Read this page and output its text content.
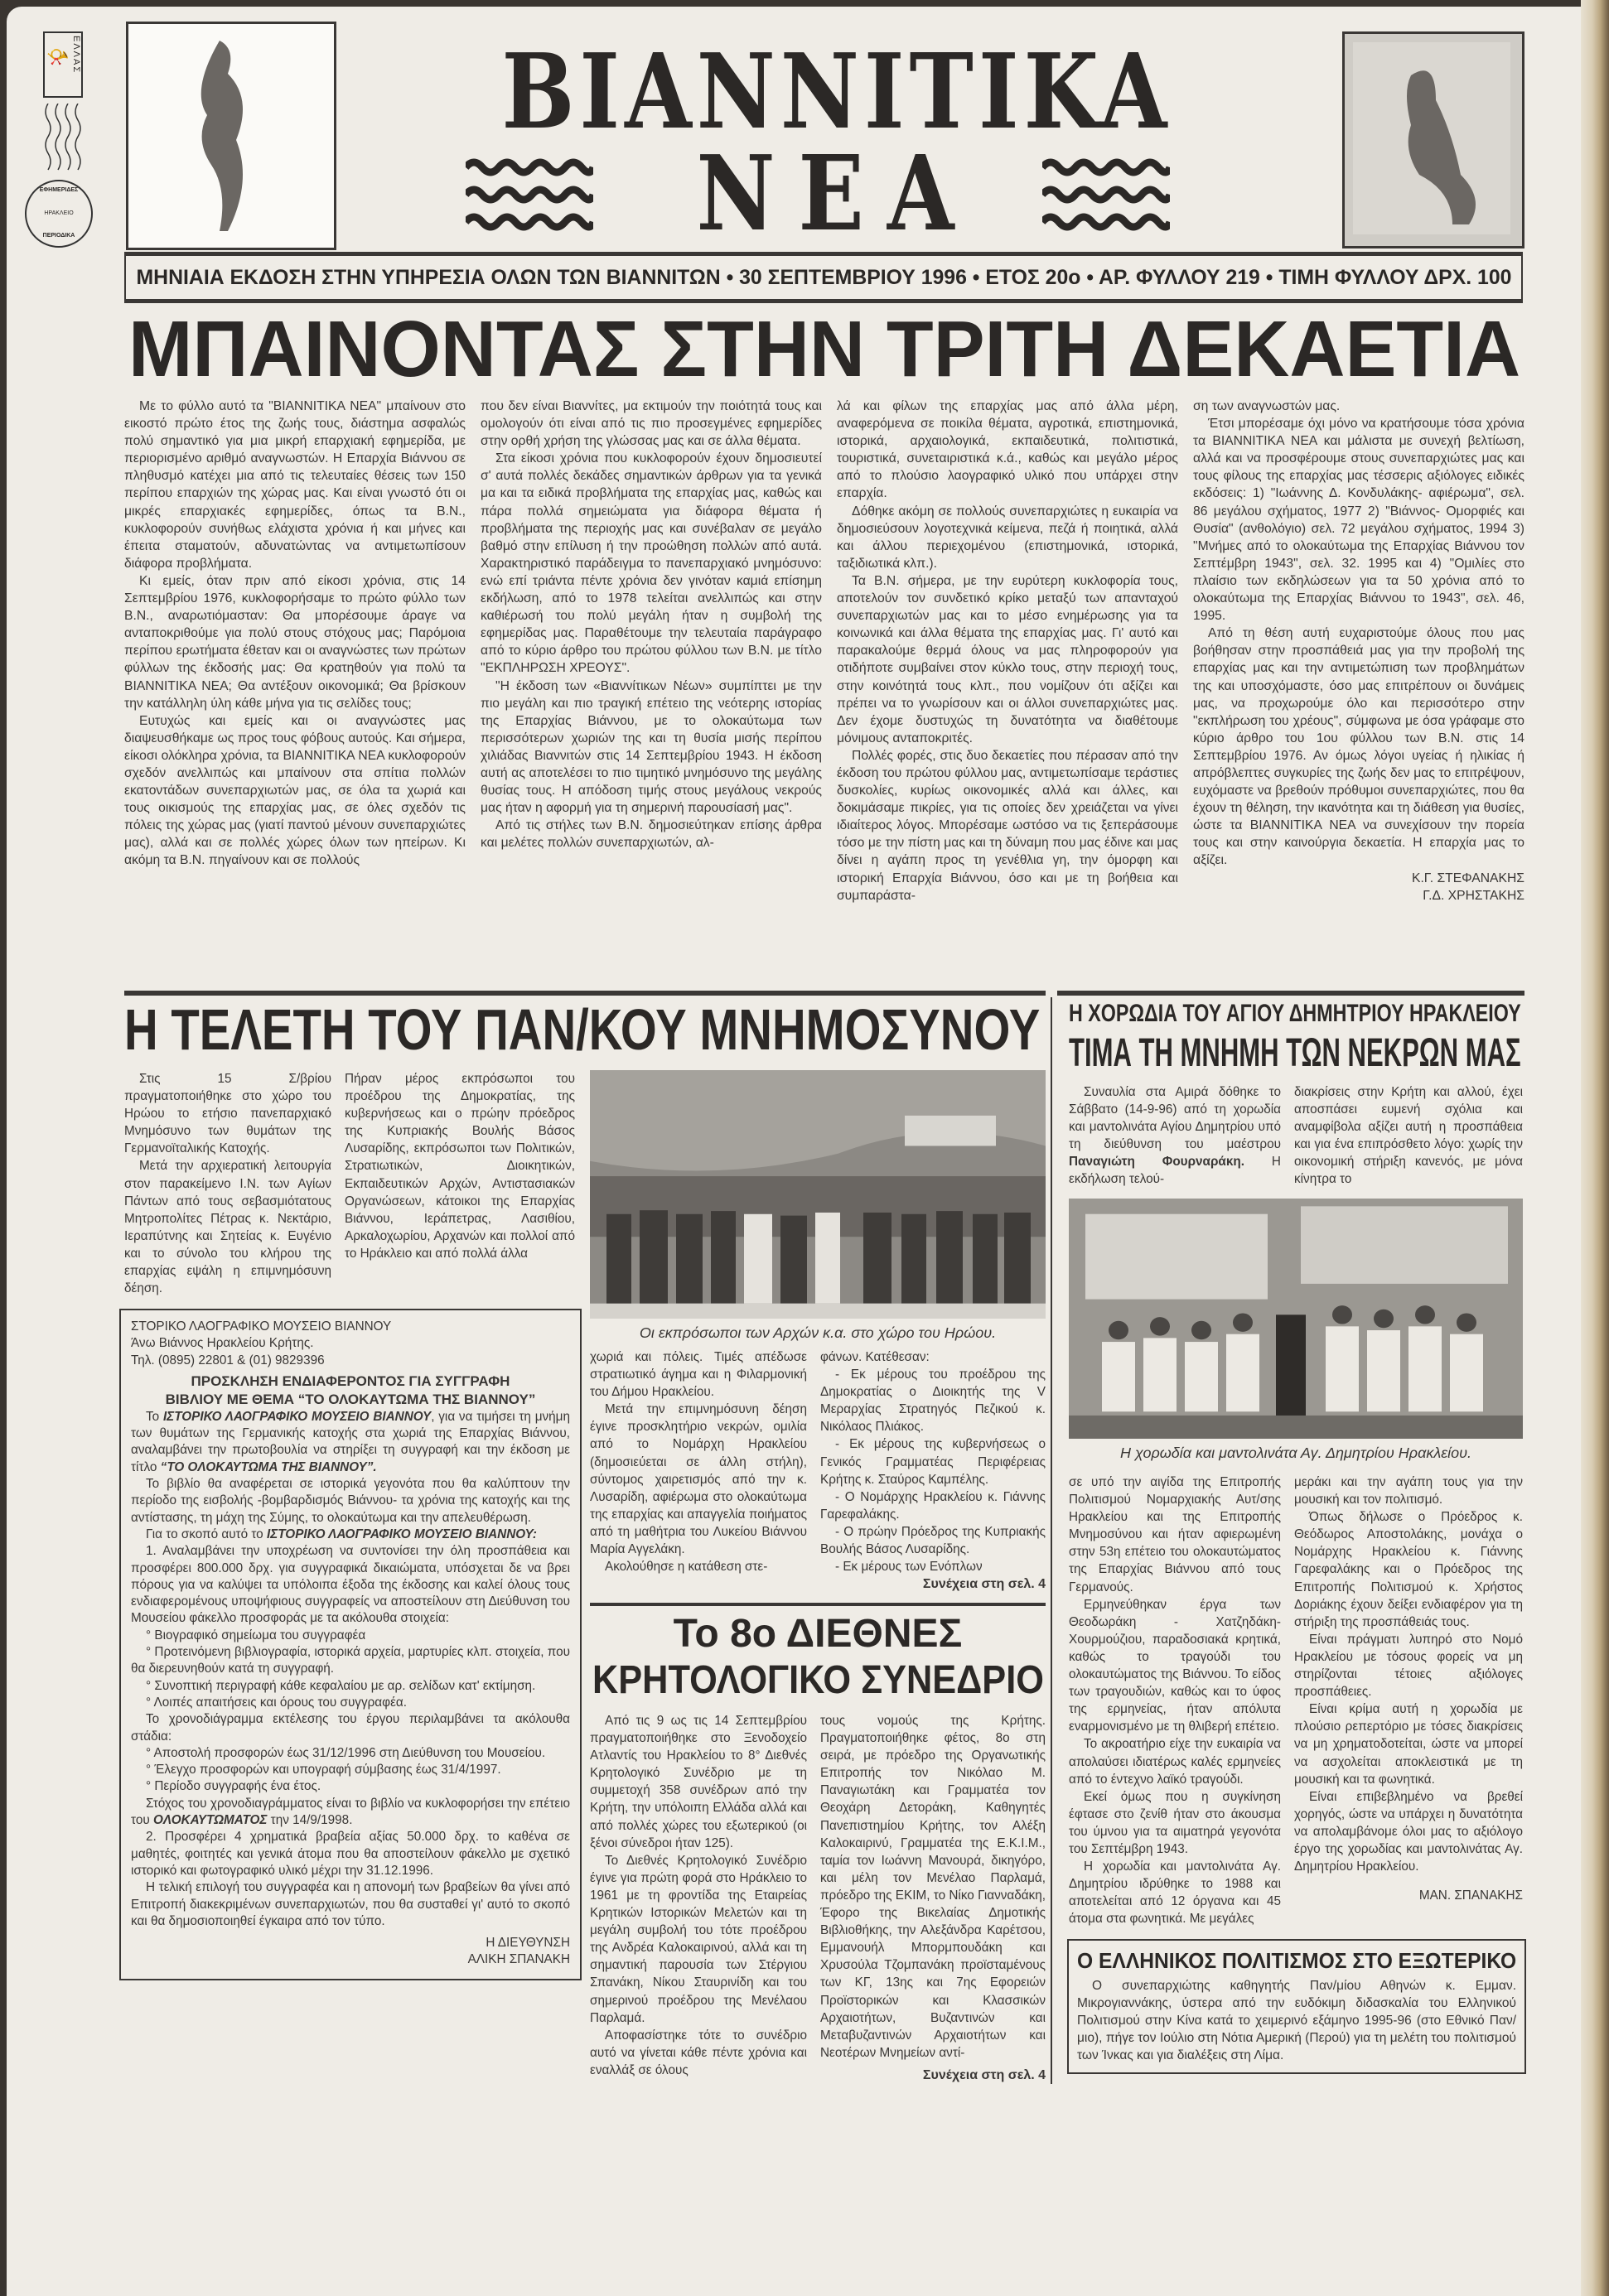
📯 ΕΛΛΑΣ
ΕΦΗΜΕΡΙΔΕΣ
ΗΡΑΚΛΕΙΟ
ΠΕΡΙΟΔΙΚΑ
BIANNITIKA
NEA
ΜΗΝΙΑΙΑ ΕΚΔΟΣΗ ΣΤΗΝ ΥΠΗΡΕΣΙΑ ΟΛΩΝ ΤΩΝ ΒΙΑΝΝΙΤΩΝ • 30 ΣΕΠΤΕΜΒΡΙΟΥ 1996 • ΕΤΟΣ 20ο • ΑΡ. ΦΥΛΛΟΥ 219 • ΤΙΜΗ ΦΥΛΛΟΥ ΔΡΧ. 100
ΜΠΑΙΝΟΝΤΑΣ ΣΤΗΝ ΤΡΙΤΗ ΔΕΚΑΕΤΙΑ

Με το φύλλο αυτό τα "ΒΙΑΝΝΙΤΙΚΑ ΝΕΑ" μπαίνουν στο εικοστό πρώτο έτος της ζωής τους, διάστημα ασφαλώς πολύ σημαντικό για μια μικρή επαρχιακή εφημερίδα, με περιορισμένο αριθμό αναγνωστών. Η Επαρχία Βιάννου σε πληθυσμό κατέχει μια από τις τελευταίες θέσεις των 150 περίπου επαρχιών της χώρας μας. Και είναι γνωστό ότι οι μικρές επαρχιακές εφημερίδες, όπως τα Β.Ν., κυκλοφορούν συνήθως ελάχιστα χρόνια ή και μήνες και έπειτα σταματούν, αδυνατώντας να αντιμετωπίσουν διάφορα προβλήματα.

Κι εμείς, όταν πριν από είκοσι χρόνια, στις 14 Σεπτεμβρίου 1976, κυκλοφορήσαμε το πρώτο φύλλο των Β.Ν., αναρωτιόμασταν: Θα μπορέσουμε άραγε να ανταποκριθούμε για πολύ στους στόχους μας; Παρόμοια περίπου ερωτήματα έθεταν και οι αναγνώστες των πρώτων φύλλων της έκδοσής μας: Θα κρατηθούν για πολύ τα ΒΙΑΝΝΙΤΙΚΑ ΝΕΑ; Θα αντέξουν οικονομικά; Θα βρίσκουν την κατάλληλη ύλη κάθε μήνα για τις σελίδες τους;

Ευτυχώς και εμείς και οι αναγνώστες μας διαψευσθήκαμε ως προς τους φόβους αυτούς. Και σήμερα, είκοσι ολόκληρα χρόνια, τα ΒΙΑΝΝΙΤΙΚΑ ΝΕΑ κυκλοφορούν σχεδόν ανελλιπώς και μπαίνουν στα σπίτια πολλών εκατοντάδων συνεπαρχιωτών μας, σε όλα τα χωριά και τους οικισμούς της επαρχίας μας, σε όλες σχεδόν τις πόλεις της χώρας μας (γιατί παντού μένουν συνεπαρχιώτες μας), αλλά και σε πολλές χώρες όλων των ηπείρων. Κι ακόμη τα Β.Ν. πηγαίνουν και σε πολλούς

που δεν είναι Βιαννίτες, μα εκτιμούν την ποιότητά τους και ομολογούν ότι είναι από τις πιο προσεγμένες εφημερίδες στην ορθή χρήση της γλώσσας μας και σε άλλα θέματα.

Στα είκοσι χρόνια που κυκλοφορούν έχουν δημοσιευτεί σ' αυτά πολλές δεκάδες σημαντικών άρθρων για τα γενικά μα και τα ειδικά προβλήματα της επαρχίας μας, καθώς και πάρα πολλά σημειώματα για διάφορα θέματα ή προβλήματα της περιοχής μας και συνέβαλαν σε μεγάλο βαθμό στην επίλυση ή την προώθηση πολλών από αυτά. Χαρακτηριστικό παράδειγμα το πανεπαρχιακό μνημόσυνο: ενώ επί τριάντα πέντε χρόνια δεν γινόταν καμιά επίσημη εκδήλωση, από το 1978 τελείται ανελλιπώς και στην καθιέρωσή του πολύ μεγάλη ήταν η συμβολή της εφημερίδας μας. Παραθέτουμε την τελευταία παράγραφο από το κύριο άρθρο του πρώτου φύλλου των Β.Ν. με τίτλο "ΕΚΠΛΗΡΩΣΗ ΧΡΕΟΥΣ".

"Η έκδοση των «Βιαννίτικων Νέων» συμπίπτει με την πιο μεγάλη και πιο τραγική επέτειο της νεότερης ιστορίας της Επαρχίας Βιάννου, με το ολοκαύτωμα των περισσότερων χωριών της και τη θυσία μισής περίπου χιλιάδας Βιαννιτών στις 14 Σεπτεμβρίου 1943. Η έκδοση αυτή ας αποτελέσει το πιο τιμητικό μνημόσυνο της μεγάλης θυσίας τους. Η απόδοση τιμής στους μεγάλους νεκρούς μας ήταν η αφορμή για τη σημερινή παρουσίασή μας".

Από τις στήλες των Β.Ν. δημοσιεύτηκαν επίσης άρθρα και μελέτες πολλών συνεπαρχιωτών, αλ-

λά και φίλων της επαρχίας μας από άλλα μέρη, αναφερόμενα σε ποικίλα θέματα, αγροτικά, επιστημονικά, ιστορικά, αρχαιολογικά, εκπαιδευτικά, πολιτιστικά, τουριστικά, συνεταιριστικά κ.ά., καθώς και μεγάλο μέρος από το πλούσιο λαογραφικό υλικό που υπάρχει στην επαρχία.

Δόθηκε ακόμη σε πολλούς συνεπαρχιώτες η ευκαιρία να δημοσιεύσουν λογοτεχνικά κείμενα, πεζά ή ποιητικά, αλλά και άλλου περιεχομένου (επιστημονικά, ιστορικά, ταξιδιωτικά κλπ.).

Τα Β.Ν. σήμερα, με την ευρύτερη κυκλοφορία τους, αποτελούν τον συνδετικό κρίκο μεταξύ των απανταχού συνεπαρχιωτών μας και το μέσο ενημέρωσης για τα κοινωνικά και άλλα θέματα της επαρχίας μας. Γι' αυτό και παρακαλούμε θερμά όλους να μας πληροφορούν για οτιδήποτε συμβαίνει στον κύκλο τους, στην περιοχή τους, στην κοινότητά τους κλπ., που νομίζουν ότι αξίζει και πρέπει να το γνωρίσουν και οι άλλοι συνεπαρχιώτες μας. Δεν έχομε δυστυχώς τη δυνατότητα να διαθέτουμε μόνιμους ανταποκριτές.

Πολλές φορές, στις δυο δεκαετίες που πέρασαν από την έκδοση του πρώτου φύλλου μας, αντιμετωπίσαμε τεράστιες δυσκολίες, κυρίως οικονομικές αλλά και άλλες, και δοκιμάσαμε πικρίες, για τις οποίες δεν χρειάζεται να γίνει ιδιαίτερος λόγος. Μπορέσαμε ωστόσο να τις ξεπεράσουμε τόσο με την πίστη μας και τη δύναμη που μας έδινε και μας δίνει η αγάπη προς τη γενέθλια γη, την όμορφη και ιστορική Επαρχία Βιάννου, όσο και με τη βοήθεια και συμπαράστα-

ση των αναγνωστών μας.

Έτσι μπορέσαμε όχι μόνο να κρατήσουμε τόσα χρόνια τα ΒΙΑΝΝΙΤΙΚΑ ΝΕΑ και μάλιστα με συνεχή βελτίωση, αλλά και να προσφέρουμε στους συνεπαρχιώτες μας και τους φίλους της επαρχίας μας τέσσερις αξιόλογες ειδικές εκδόσεις: 1) "Ιωάννης Δ. Κονδυλάκης- αφιέρωμα", σελ. 86 μεγάλου σχήματος, 1977 2) "Βιάννος- Ομορφιές και Θυσία" (ανθολόγιο) σελ. 72 μεγάλου σχήματος, 1994 3) "Μνήμες από το ολοκαύτωμα της Επαρχίας Βιάννου τον Σεπτέμβρη 1943", σελ. 32. 1995 και 4) "Ομιλίες στο πλαίσιο των εκδηλώσεων για τα 50 χρόνια από το ολοκαύτωμα της Επαρχίας Βιάννου το 1943", σελ. 46, 1995.

Από τη θέση αυτή ευχαριστούμε όλους που μας βοήθησαν στην προσπάθειά μας για την προβολή της επαρχίας μας και την αντιμετώπιση των προβλημάτων της και υποσχόμαστε, όσο μας επιτρέπουν οι δυνάμεις μας, να προχωρούμε όλο και περισσότερο στην "εκπλήρωση του χρέους", σύμφωνα με όσα γράφαμε στο κύριο άρθρο του 1ου φύλλου των Β.Ν. στις 14 Σεπτεμβρίου 1976. Αν όμως λόγοι υγείας ή ηλικίας ή απρόβλεπτες συγκυρίες της ζωής δεν μας το επιτρέψουν, ευχόμαστε να βρεθούν πρόθυμοι συνεπαρχιώτες, που θα έχουν τη θέληση, την ικανότητα και τη διάθεση για θυσίες, ώστε τα ΒΙΑΝΝΙΤΙΚΑ ΝΕΑ να συνεχίσουν την πορεία τους και στην καινούργια δεκαετία. Η επαρχία μας το αξίζει.

Κ.Γ. ΣΤΕΦΑΝΑΚΗΣ

Γ.Δ. ΧΡΗΣΤΑΚΗΣ

Η ΤΕΛΕΤΗ ΤΟΥ ΠΑΝ/ΚΟΥ ΜΝΗΜΟΣΥΝΟΥ

Στις 15 Σ/βρίου πραγματοποιήθηκε στο χώρο του Ηρώου το ετήσιο πανεπαρχιακό Μνημόσυνο των θυμάτων της Γερμανοϊταλικής Κατοχής.

Μετά την αρχιερατική λειτουργία στον παρακείμενο Ι.Ν. των Αγίων Πάντων από τους σεβασμιότατους Μητροπολίτες Πέτρας κ. Νεκτάριο, Ιεραπύτνης και Σητείας κ. Ευγένιο και το σύνολο του κλήρου της επαρχίας εψάλη η επιμνημόσυνη δέηση.

Πήραν μέρος εκπρόσωποι του προέδρου της Δημοκρατίας, της κυβερνήσεως και ο πρώην πρόεδρος της Κυπριακής Βουλής Βάσος Λυσαρίδης, εκπρόσωποι των Πολιτικών, Στρατιωτικών, Διοικητικών, Εκπαιδευτικών Αρχών, Αντιστασιακών Οργανώσεων, κάτοικοι της Επαρχίας Βιάννου, Ιεράπετρας, Λασιθίου, Αρκαλοχωρίου, Αρχανών και πολλοί από το Ηράκλειο και από πολλά άλλα

Οι εκπρόσωποι των Αρχών κ.α. στο χώρο του Ηρώου.

χωριά και πόλεις. Τιμές απέδωσε στρατιωτικό άγημα και η Φιλαρμονική του Δήμου Ηρακλείου.

Μετά την επιμνημόσυνη δέηση έγινε προσκλητήριο νεκρών, ομιλία από το Νομάρχη Ηρακλείου (δημοσιεύεται σε άλλη στήλη), σύντομος χαιρετισμός από την κ. Λυσαρίδη, αφιέρωμα στο ολοκαύτωμα της επαρχίας και απαγγελία ποιήματος από τη μαθήτρια του Λυκείου Βιάννου Μαρία Αγγελάκη.

Ακολούθησε η κατάθεση στε-

φάνων. Κατέθεσαν:

- Εκ μέρους του προέδρου της Δημοκρατίας ο Διοικητής της V Μεραρχίας Στρατηγός Πεζικού κ. Νικόλαος Πλιάκος.

- Εκ μέρους της κυβερνήσεως ο Γενικός Γραμματέας Περιφέρειας Κρήτης κ. Σταύρος Καμπέλης.

- Ο Νομάρχης Ηρακλείου κ. Γιάννης Γαρεφαλάκης.

- Ο πρώην Πρόεδρος της Κυπριακής Βουλής Βάσος Λυσαρίδης.

- Εκ μέρους των Ενόπλων

Συνέχεια στη σελ. 4
ΣΤΟΡΙΚΟ ΛΑΟΓΡΑΦΙΚΟ ΜΟΥΣΕΙΟ ΒΙΑΝΝΟΥ
Άνω Βιάννος Ηρακλείου Κρήτης.
Τηλ. (0895) 22801 & (01) 9829396
ΠΡΟΣΚΛΗΣΗ ΕΝΔΙΑΦΕΡΟΝΤΟΣ ΓΙΑ ΣΥΓΓΡΑΦΗ
ΒΙΒΛΙΟΥ ΜΕ ΘΕΜΑ “ΤΟ ΟΛΟΚΑΥΤΩΜΑ ΤΗΣ ΒΙΑΝΝΟΥ”

Το ΙΣΤΟΡΙΚΟ ΛΑΟΓΡΑΦΙΚΟ ΜΟΥΣΕΙΟ ΒΙΑΝΝΟΥ, για να τιμήσει τη μνήμη των θυμάτων της Γερμανικής κατοχής στα χωριά της Επαρχίας Βιάννου, αναλαμβάνει την πρωτοβουλία να στηρίξει τη συγγραφή και την έκδοση με τίτλο “ΤΟ ΟΛΟΚΑΥΤΩΜΑ ΤΗΣ ΒΙΑΝΝΟΥ”.

Το βιβλίο θα αναφέρεται σε ιστορικά γεγονότα που θα καλύπτουν την περίοδο της εισβολής -βομβαρδισμός Βιάννου- τα χρόνια της κατοχής και της αντίστασης, τη μάχη της Σύμης, το ολοκαύτωμα και την απελευθέρωση.

Για το σκοπό αυτό το ΙΣΤΟΡΙΚΟ ΛΑΟΓΡΑΦΙΚΟ ΜΟΥΣΕΙΟ ΒΙΑΝΝΟΥ:

1. Αναλαμβάνει την υποχρέωση να συντονίσει την όλη προσπάθεια και προσφέρει 800.000 δρχ. για συγγραφικά δικαιώματα, υπόσχεται δε να βρει πόρους για να καλύψει τα υπόλοιπα έξοδα της έκδοσης και καλεί όλους τους ενδιαφερομένους υποψήφιους συγγραφείς να αποστείλουν στη Διεύθυνση του Μουσείου φάκελλο προσφοράς με τα ακόλουθα στοιχεία:

° Βιογραφικό σημείωμα του συγγραφέα

° Προτεινόμενη βιβλιογραφία, ιστορικά αρχεία, μαρτυρίες κλπ. στοιχεία, που θα διερευνηθούν κατά τη συγγραφή.

° Συνοπτική περιγραφή κάθε κεφαλαίου με αρ. σελίδων κατ' εκτίμηση.

° Λοιπές απαιτήσεις και όρους του συγγραφέα.

Το χρονοδιάγραμμα εκτέλεσης του έργου περιλαμβάνει τα ακόλουθα στάδια:

° Αποστολή προσφορών έως 31/12/1996 στη Διεύθυνση του Μουσείου.

° Έλεγχο προσφορών και υπογραφή σύμβασης έως 31/4/1997.

° Περίοδο συγγραφής ένα έτος.

Στόχος του χρονοδιαγράμματος είναι το βιβλίο να κυκλοφορήσει την επέτειο του ΟΛΟΚΑΥΤΩΜΑΤΟΣ την 14/9/1998.

2. Προσφέρει 4 χρηματικά βραβεία αξίας 50.000 δρχ. το καθένα σε μαθητές, φοιτητές και γενικά άτομα που θα αποστείλουν φάκελλο με σχετικό ιστορικό και φωτογραφικό υλικό μέχρι την 31.12.1996.

Η τελική επιλογή του συγγραφέα και η απονομή των βραβείων θα γίνει από Επιτροπή διακεκριμένων συνεπαρχιωτών, που θα συσταθεί γι' αυτό το σκοπό και θα δημοσιοποιηθεί έγκαιρα από τον τύπο.

Η ΔΙΕΥΘΥΝΣΗ

ΑΛΙΚΗ ΣΠΑΝΑΚΗ

Το 8ο ΔΙΕΘΝΕΣ
ΚΡΗΤΟΛΟΓΙΚΟ ΣΥΝΕΔΡΙΟ

Από τις 9 ως τις 14 Σεπτεμβρίου πραγματοποιήθηκε στο Ξενοδοχείο Ατλαντίς του Ηρακλείου το 8° Διεθνές Κρητολογικό Συνέδριο με τη συμμετοχή 358 συνέδρων από την Κρήτη, την υπόλοιπη Ελλάδα αλλά και από πολλές χώρες του εξωτερικού (οι ξένοι σύνεδροι ήταν 125).

Το Διεθνές Κρητολογικό Συνέδριο έγινε για πρώτη φορά στο Ηράκλειο το 1961 με τη φροντίδα της Εταιρείας Κρητικών Ιστορικών Μελετών και τη μεγάλη συμβολή του τότε προέδρου της Ανδρέα Καλοκαιρινού, αλλά και τη σημαντική παρουσία των Στέργιου Σπανάκη, Νίκου Σταυρινίδη και του σημερινού προέδρου της Μενέλαου Παρλαμά.

Αποφασίστηκε τότε το συνέδριο αυτό να γίνεται κάθε πέντε χρόνια και εναλλάξ σε όλους

τους νομούς της Κρήτης. Πραγματοποιήθηκε φέτος, 8ο στη σειρά, με πρόεδρο της Οργανωτικής Επιτροπής τον Νικόλαο Μ. Παναγιωτάκη και Γραμματέα τον Θεοχάρη Δετοράκη, Καθηγητές Πανεπιστημίου Κρήτης, τον Αλέξη Καλοκαιρινύ, Γραμματέα της Ε.Κ.Ι.Μ., ταμία τον Ιωάννη Μανουρά, δικηγόρο, και μέλη τον Μενέλαο Παρλαμά, πρόεδρο της ΕΚΙΜ, το Νίκο Γιανναδάκη, Έφορο της Βικελαίας Δημοτικής Βιβλιοθήκης, την Αλεξάνδρα Καρέτσου, Εμμανουήλ Μπορμπουδάκη και Χρυσούλα Τζομπανάκη προϊσταμένους των ΚΓ, 13ης και 7ης Εφορειών Προϊστορικών και Κλασσικών Αρχαιοτήτων, Βυζαντινών και Μεταβυζαντινών Αρχαιοτήτων και Νεοτέρων Μνημείων αντί-

Συνέχεια στη σελ. 4
Η ΧΟΡΩΔΙΑ ΤΟΥ ΑΓΙΟΥ ΔΗΜΗΤΡΙΟΥ ΗΡΑΚΛΕΙΟΥ
ΤΙΜΑ ΤΗ ΜΝΗΜΗ ΤΩΝ ΝΕΚΡΩΝ ΜΑΣ

Συναυλία στα Αμιρά δόθηκε το Σάββατο (14-9-96) από τη χορωδία και μαντολινάτα Αγίου Δημητρίου υπό τη διεύθυνση του μαέστρου Παναγιώτη Φουρναράκη. Η εκδήλωση τελού-

διακρίσεις στην Κρήτη και αλλού, έχει αποσπάσει ευμενή σχόλια και αναμφίβολα αξίζει αυτή η προσπάθεια και για ένα επιπρόσθετο λόγο: χωρίς την οικονομική στήριξη κανενός, με μόνα κίνητρα το

Η χορωδία και μαντολινάτα Αγ. Δημητρίου Ηρακλείου.

σε υπό την αιγίδα της Επιτροπής Πολιτισμού Νομαρχιακής Αυτ/σης Ηρακλείου και της Επιτροπής Μνημοσύνου και ήταν αφιερωμένη στην 53η επέτειο του ολοκαυτώματος της Επαρχίας Βιάννου από τους Γερμανούς.

Ερμηνεύθηκαν έργα των Θεοδωράκη - Χατζηδάκη-Χουρμούζιου, παραδοσιακά κρητικά, καθώς το τραγούδι του ολοκαυτώματος της Βιάννου. Το είδος των τραγουδιών, καθώς και το ύφος της ερμηνείας, ήταν απόλυτα εναρμονισμένο με τη θλιβερή επέτειο.

Το ακροατήριο είχε την ευκαιρία να απολαύσει ιδιατέρως καλές ερμηνείες από το έντεχνο λαϊκό τραγούδι.

Εκεί όμως που η συγκίνηση έφτασε στο ζενίθ ήταν στο άκουσμα του ύμνου για τα αιματηρά γεγονότα του Σεπτέμβρη 1943.

Η χορωδία και μαντολινάτα Αγ. Δημητρίου ιδρύθηκε το 1988 και αποτελείται από 12 όργανα και 45 άτομα στα φωνητικά. Με μεγάλες

μεράκι και την αγάπη τους για την μουσική και τον πολιτισμό.

Όπως δήλωσε ο Πρόεδρος κ. Θεόδωρος Αποστολάκης, μονάχα ο Νομάρχης Ηρακλείου κ. Γιάννης Γαρεφαλάκης και ο Πρόεδρος της Επιτροπής Πολιτισμού κ. Χρήστος Δοριάκης έχουν δείξει ενδιαφέρον για τη στήριξη της προσπάθειάς τους.

Είναι πράγματι λυπηρό στο Νομό Ηρακλείου με τόσους φορείς να μη στηρίζονται τέτοιες αξιόλογες προσπάθειες.

Είναι κρίμα αυτή η χορωδία με πλούσιο ρεπερτόριο με τόσες διακρίσεις να μη χρηματοδοτείται, ώστε να μπορεί να ασχολείται αποκλειστικά με τη μουσική και τα φωνητικά.

Είναι επιβεβλημένο να βρεθεί χορηγός, ώστε να υπάρχει η δυνατότητα να απολαμβάνομε όλοι μας το αξιόλογο έργο της χορωδίας και μαντολινάτας Αγ. Δημητρίου Ηρακλείου.

ΜΑΝ. ΣΠΑΝΑΚΗΣ

Ο ΕΛΛΗΝΙΚΟΣ ΠΟΛΙΤΙΣΜΟΣ ΣΤΟ ΕΞΩΤΕΡΙΚΟ

Ο συνεπαρχιώτης καθηγητής Παν/μίου Αθηνών κ. Εμμαν. Μικρογιαννάκης, ύστερα από την ευδόκιμη διδασκαλία του Ελληνικού Πολιτισμού στην Κίνα κατά το χειμερινό εξάμηνο 1995-96 (στο Εθνικό Παν/μιο), πήγε τον Ιούλιο στη Νότια Αμερική (Περού) για τη μελέτη του πολιτισμού των Ίνκας και για διαλέξεις στη Λίμα.
